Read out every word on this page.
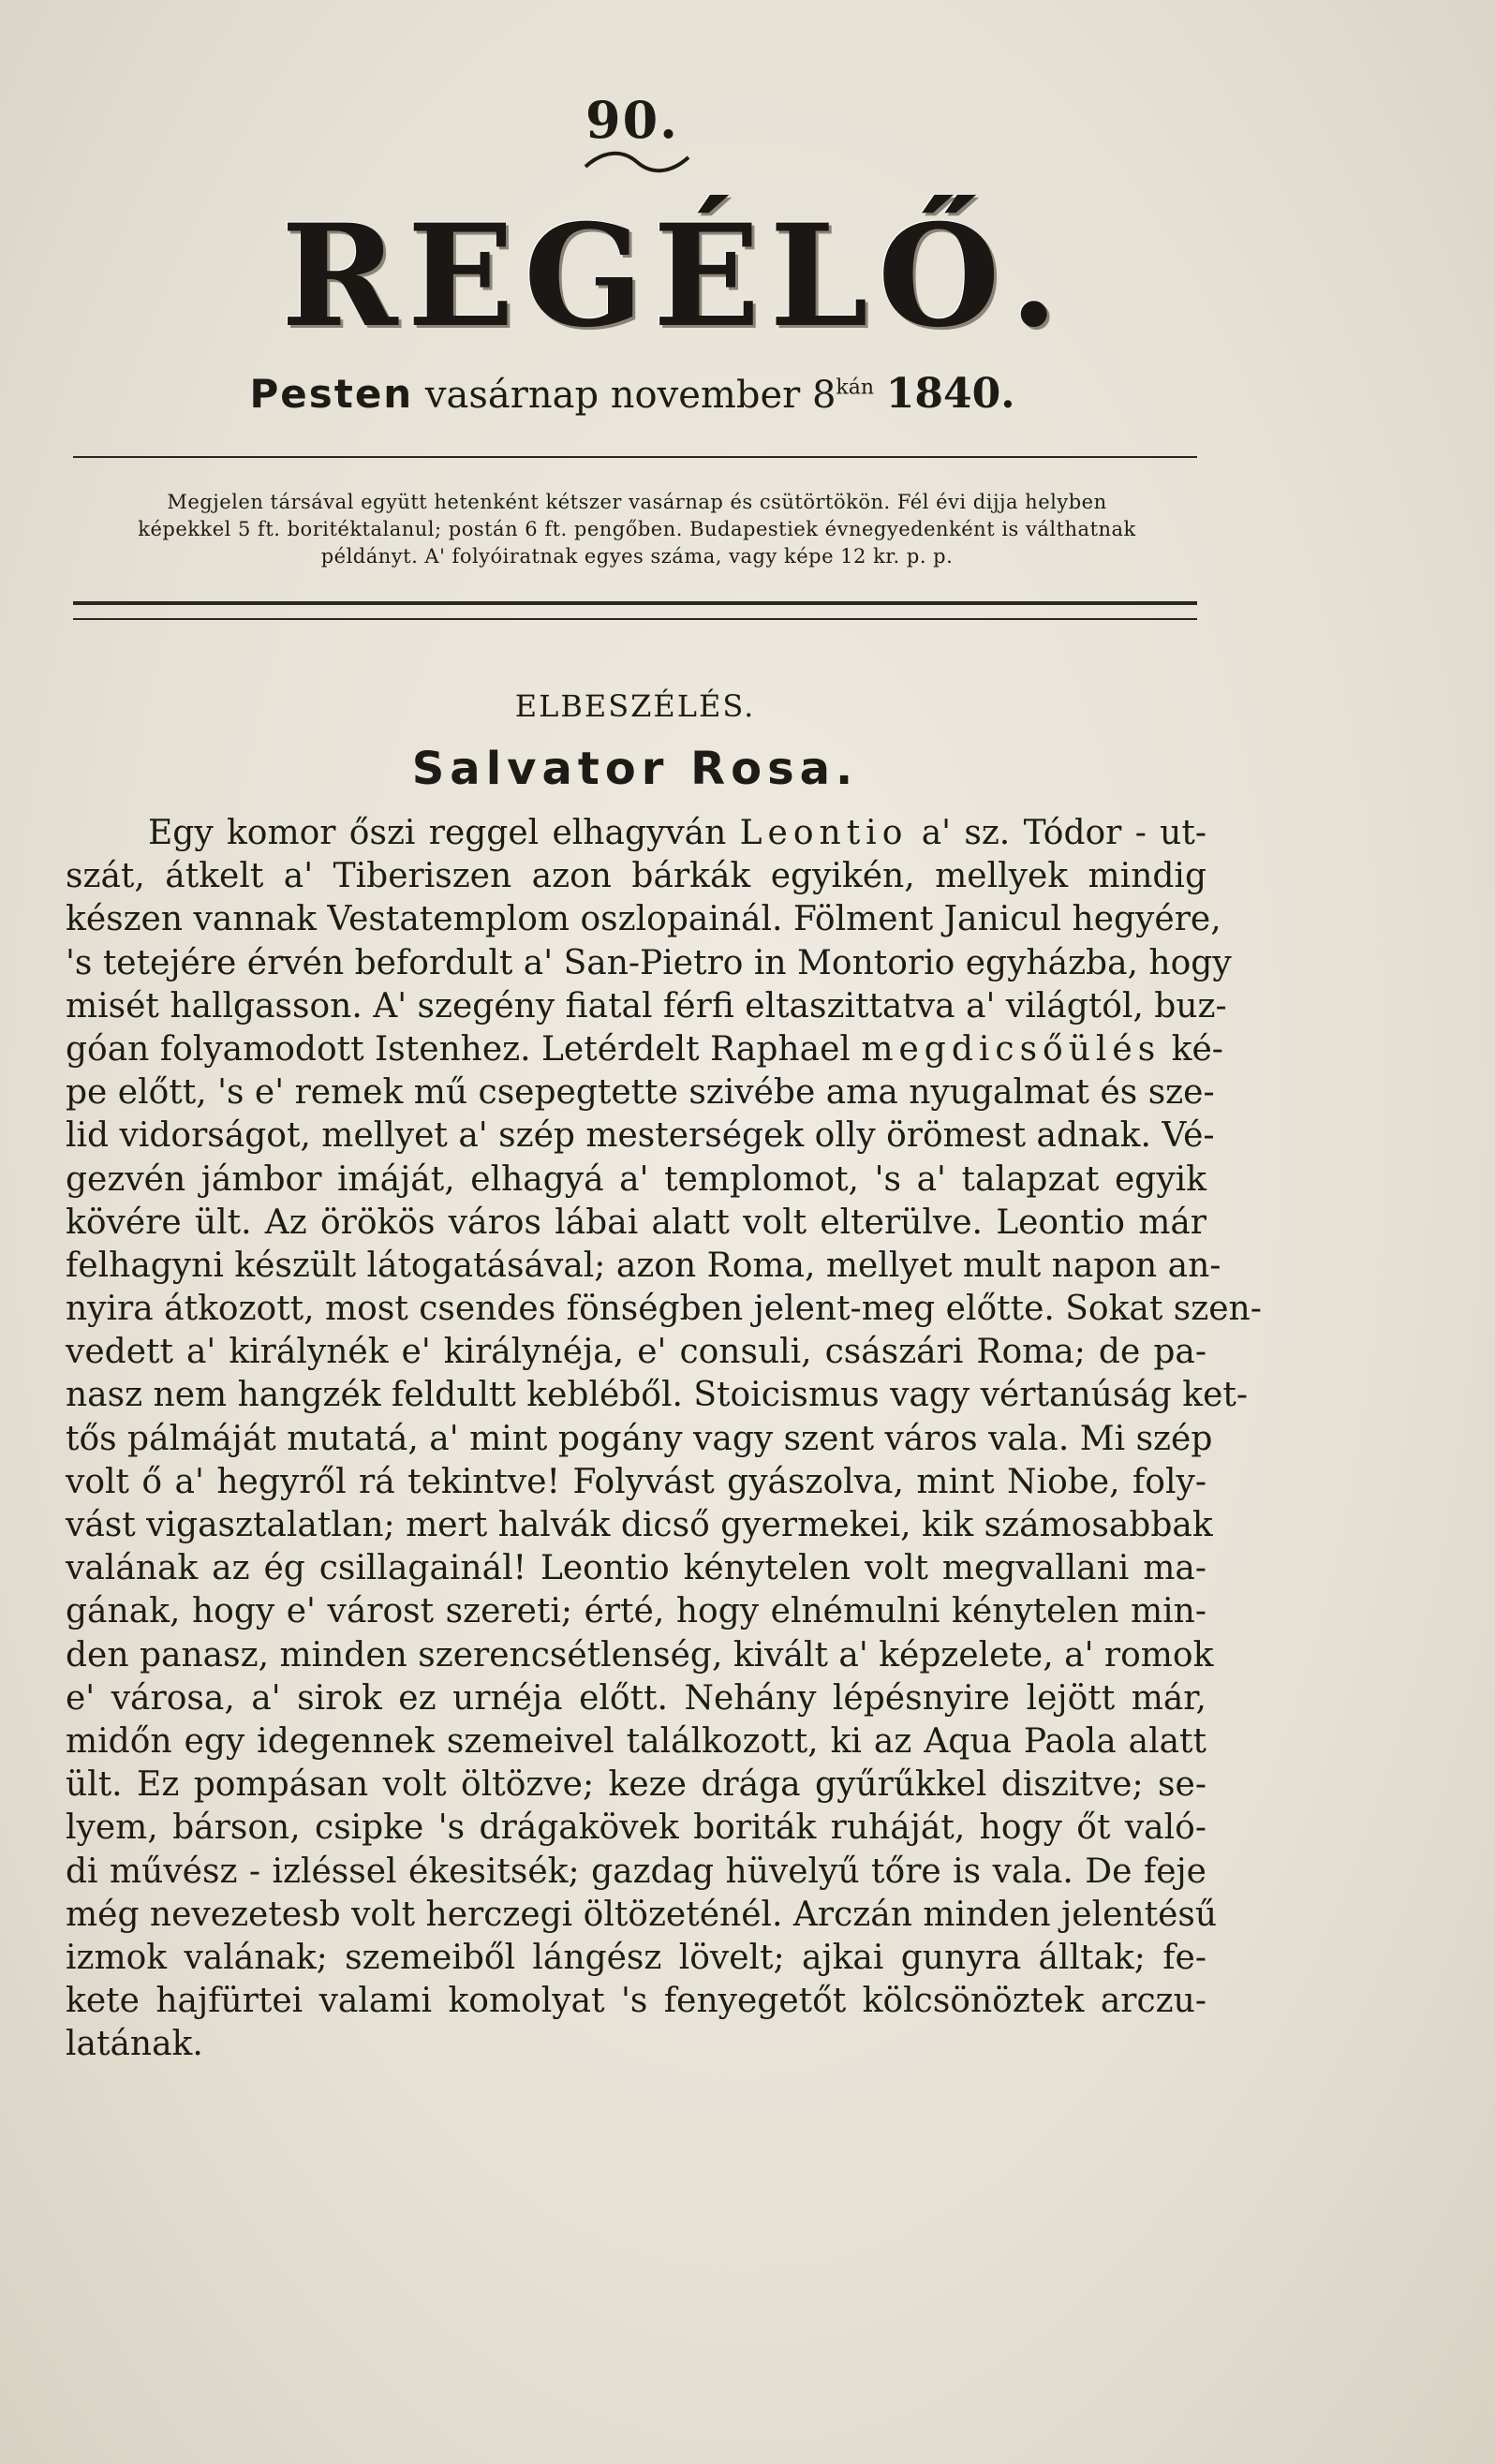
90.
REGÉLŐ.
Pesten vasárnap november $8^{kán}$ 1840.
Megjelen társával együtt hetenként kétszer vasárnap és csütörtökön. Fél évi dijja helyben
képekkel 5 ft. boritéktalanul; postán 6 ft. pengőben. Budapestiek évnegyedenként is válthatnak
példányt. A' folyóiratnak egyes száma, vagy képe 12 kr. p. p.
ELBESZÉLÉS.
Salvator Rosa.
Egy komor őszi reggel elhagyván Leontio a' sz. Tódor - ut-
szát, átkelt a' Tiberiszen azon bárkák egyikén, mellyek mindig
készen vannak Vestatemplom oszlopainál. Fölment Janicul hegyére,
's tetejére érvén befordult a' San-Pietro in Montorio egyházba, hogy
misét hallgasson. A' szegény fiatal férfi eltaszittatva a' világtól, buz-
góan folyamodott Istenhez. Letérdelt Raphael megdicsőülés ké-
pe előtt, 's e' remek mű csepegtette szivébe ama nyugalmat és sze-
lid vidorságot, mellyet a' szép mesterségek olly örömest adnak. Vé-
gezvén jámbor imáját, elhagyá a' templomot, 's a' talapzat egyik
kövére ült. Az örökös város lábai alatt volt elterülve. Leontio már
felhagyni készült látogatásával; azon Roma, mellyet mult napon an-
nyira átkozott, most csendes fönségben jelent-meg előtte. Sokat szen-
vedett a' királynék e' királynéja, e' consuli, császári Roma; de pa-
nasz nem hangzék feldultt kebléből. Stoicismus vagy vértanúság ket-
tős pálmáját mutatá, a' mint pogány vagy szent város vala. Mi szép
volt ő a' hegyről rá tekintve! Folyvást gyászolva, mint Niobe, foly-
vást vigasztalatlan; mert halvák dicső gyermekei, kik számosabbak
valának az ég csillagainál! Leontio kénytelen volt megvallani ma-
gának, hogy e' várost szereti; érté, hogy elnémulni kénytelen min-
den panasz, minden szerencsétlenség, kivált a' képzelete, a' romok
e' városa, a' sirok ez urnéja előtt. Nehány lépésnyire lejött már,
midőn egy idegennek szemeivel találkozott, ki az Aqua Paola alatt
ült. Ez pompásan volt öltözve; keze drága gyűrűkkel diszitve; se-
lyem, bárson, csipke 's drágakövek boriták ruháját, hogy őt való-
di művész - izléssel ékesitsék; gazdag hüvelyű tőre is vala. De feje
még nevezetesb volt herczegi öltözeténél. Arczán minden jelentésű
izmok valának; szemeiből lángész lövelt; ajkai gunyra álltak; fe-
kete hajfürtei valami komolyat 's fenyegetőt kölcsönöztek arczu-
latának.
